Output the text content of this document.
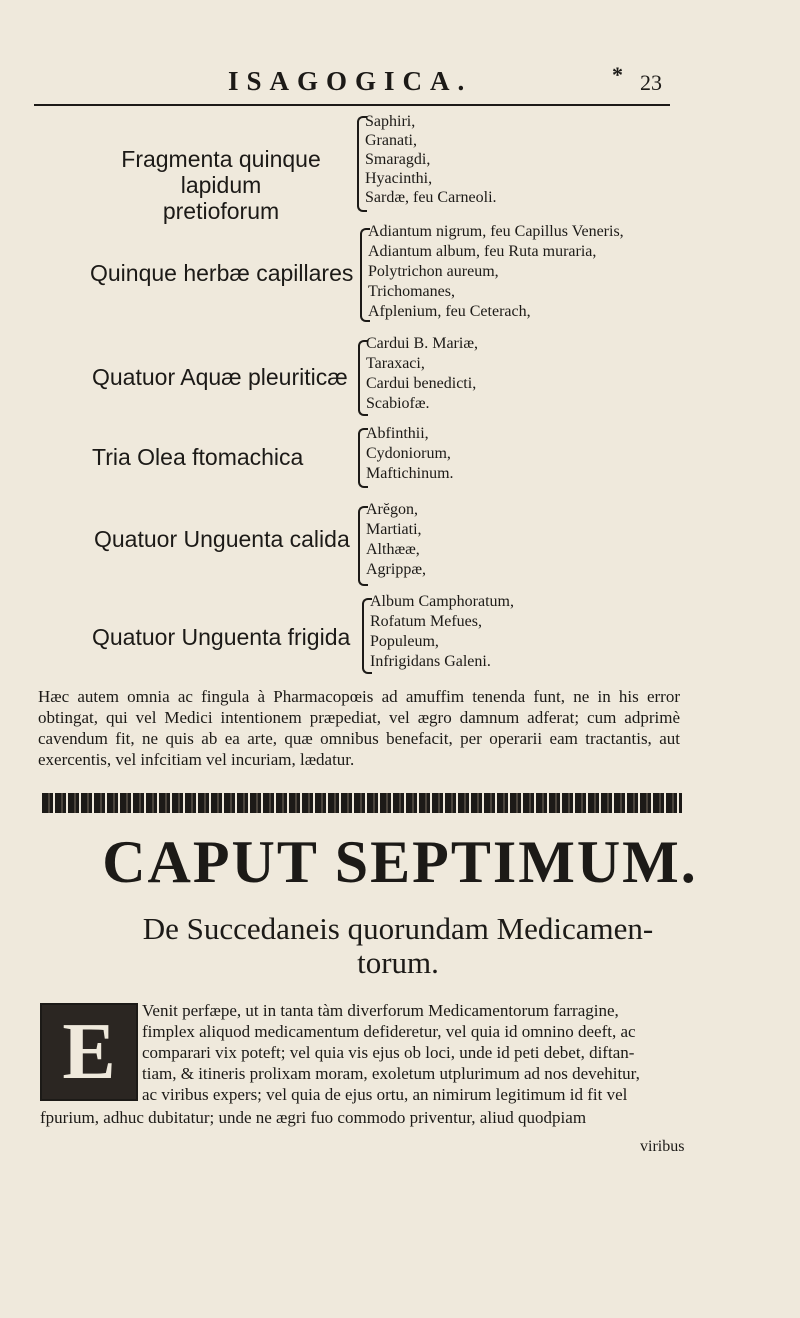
ISAGOGICA.	* 23
Fragmenta quinque lapidum
pretioforum
Saphiri,
Granati,
Smaragdi,
Hyacinthi,
Sardæ, feu Carneoli.
Quinque herbæ capillares
Adiantum nigrum, feu Capillus Veneris,
Adiantum album, feu Ruta muraria,
Polytrichon aureum,
Trichomanes,
Afplenium, feu Ceterach,
Quatuor Aquæ pleuriticæ
Cardui B. Mariæ,
Taraxaci,
Cardui benedicti,
Scabiofæ.
Tria Olea ftomachica
Abfinthii,
Cydoniorum,
Maftichinum.
Quatuor Unguenta calida
Arĕgon,
Martiati,
Althææ,
Agrippæ,
Quatuor Unguenta frigida
Album Camphoratum,
Rofatum Mefues,
Populeum,
Infrigidans Galeni.

Hæc autem omnia ac fingula à Pharmacopœis ad amuffim tenenda funt, ne in his error obtingat, qui vel Medici intentionem præpediat, vel ægro damnum adferat; cum adprimè cavendum fit, ne quis ab ea arte, quæ omnibus benefacit, per operarii eam tractantis, aut exercentis, vel infcitiam vel incuriam, lædatur.

CAPUT SEPTIMUM.
De Succedaneis quorundam Medicamen-
torum.
E Venit perfæpe, ut in tanta tàm diverforum Medicamentorum farragine,
fimplex aliquod medicamentum defideretur, vel quia id omnino deeft, ac
comparari vix poteft; vel quia vis ejus ob loci, unde id peti debet, diftan-
tiam, & itineris prolixam moram, exoletum utplurimum ad nos devehitur,
ac viribus expers; vel quia de ejus ortu, an nimirum legitimum id fit vel
fpurium, adhuc dubitatur; unde ne ægri fuo commodo priventur, aliud quodpiam
viribus
